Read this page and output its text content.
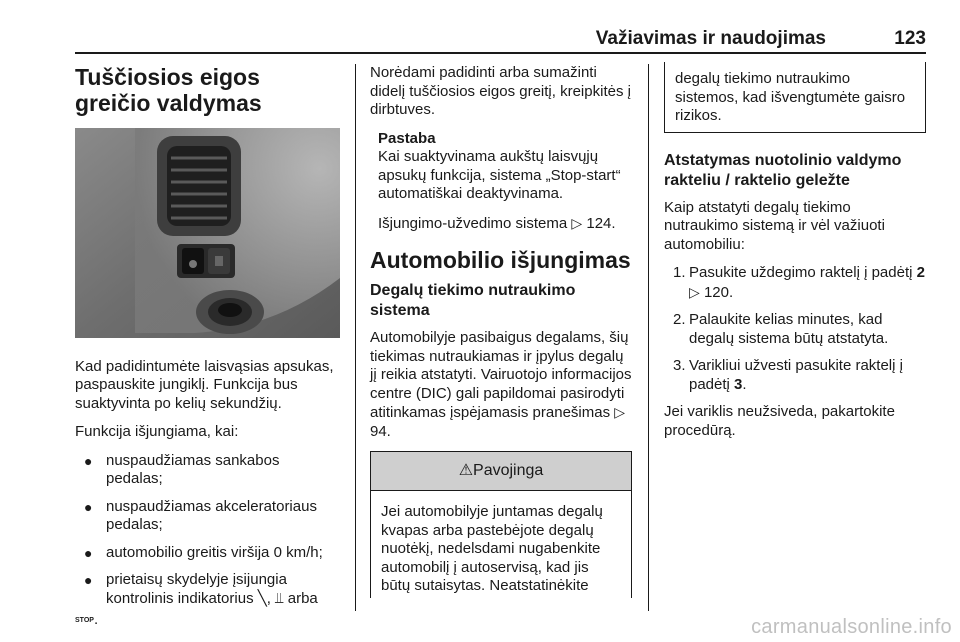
Važiavimas ir naudojimas	123
Tuščiosios eigos greičio valdymas

Kad padidintumėte laisvąsias apsukas, paspauskite jungiklį. Funkcija bus suaktyvinta po kelių sekundžių.

Funkcija išjungiama, kai:

● nuspaudžiamas sankabos pedalas;
● nuspaudžiamas akceleratoriaus pedalas;
● automobilio greitis viršija 0 km/h;
● prietaisų skydelyje įsijungia kontrolinis indikatorius ╲, ⫫ arba
STOP.

Norėdami padidinti arba sumažinti didelį tuščiosios eigos greitį, kreipkitės į dirbtuves.

Pastaba
Kai suaktyvinama aukštų laisvųjų apsukų funkcija, sistema „Stop-start“ automatiškai deaktyvinama.
Išjungimo-užvedimo sistema ▷ 124.
Automobilio išjungimas
Degalų tiekimo nutraukimo sistema

Automobilyje pasibaigus degalams, šių tiekimas nutraukiamas ir įpylus degalų jį reikia atstatyti. Vairuotojo informacijos centre (DIC) gali papildomai pasirodyti atitinkamas įspėjamasis pranešimas ▷ 94.

⚠Pavojinga
Jei automobilyje juntamas degalų kvapas arba pastebėjote degalų nuotėkį, nedelsdami nugabenkite automobilį į autoservisą, kad jis būtų sutaisytas. Neatstatinėkite
degalų tiekimo nutraukimo sistemos, kad išvengtumėte gaisro rizikos.
Atstatymas nuotolinio valdymo rakteliu / raktelio geležte

Kaip atstatyti degalų tiekimo nutraukimo sistemą ir vėl važiuoti automobiliu:

1. Pasukite uždegimo raktelį į padėtį 2 ▷ 120.
2. Palaukite kelias minutes, kad degalų sistema būtų atstatyta.
3. Varikliui užvesti pasukite raktelį į padėtį 3.

Jei variklis neužsiveda, pakartokite procedūrą.

carmanualsonline.info
